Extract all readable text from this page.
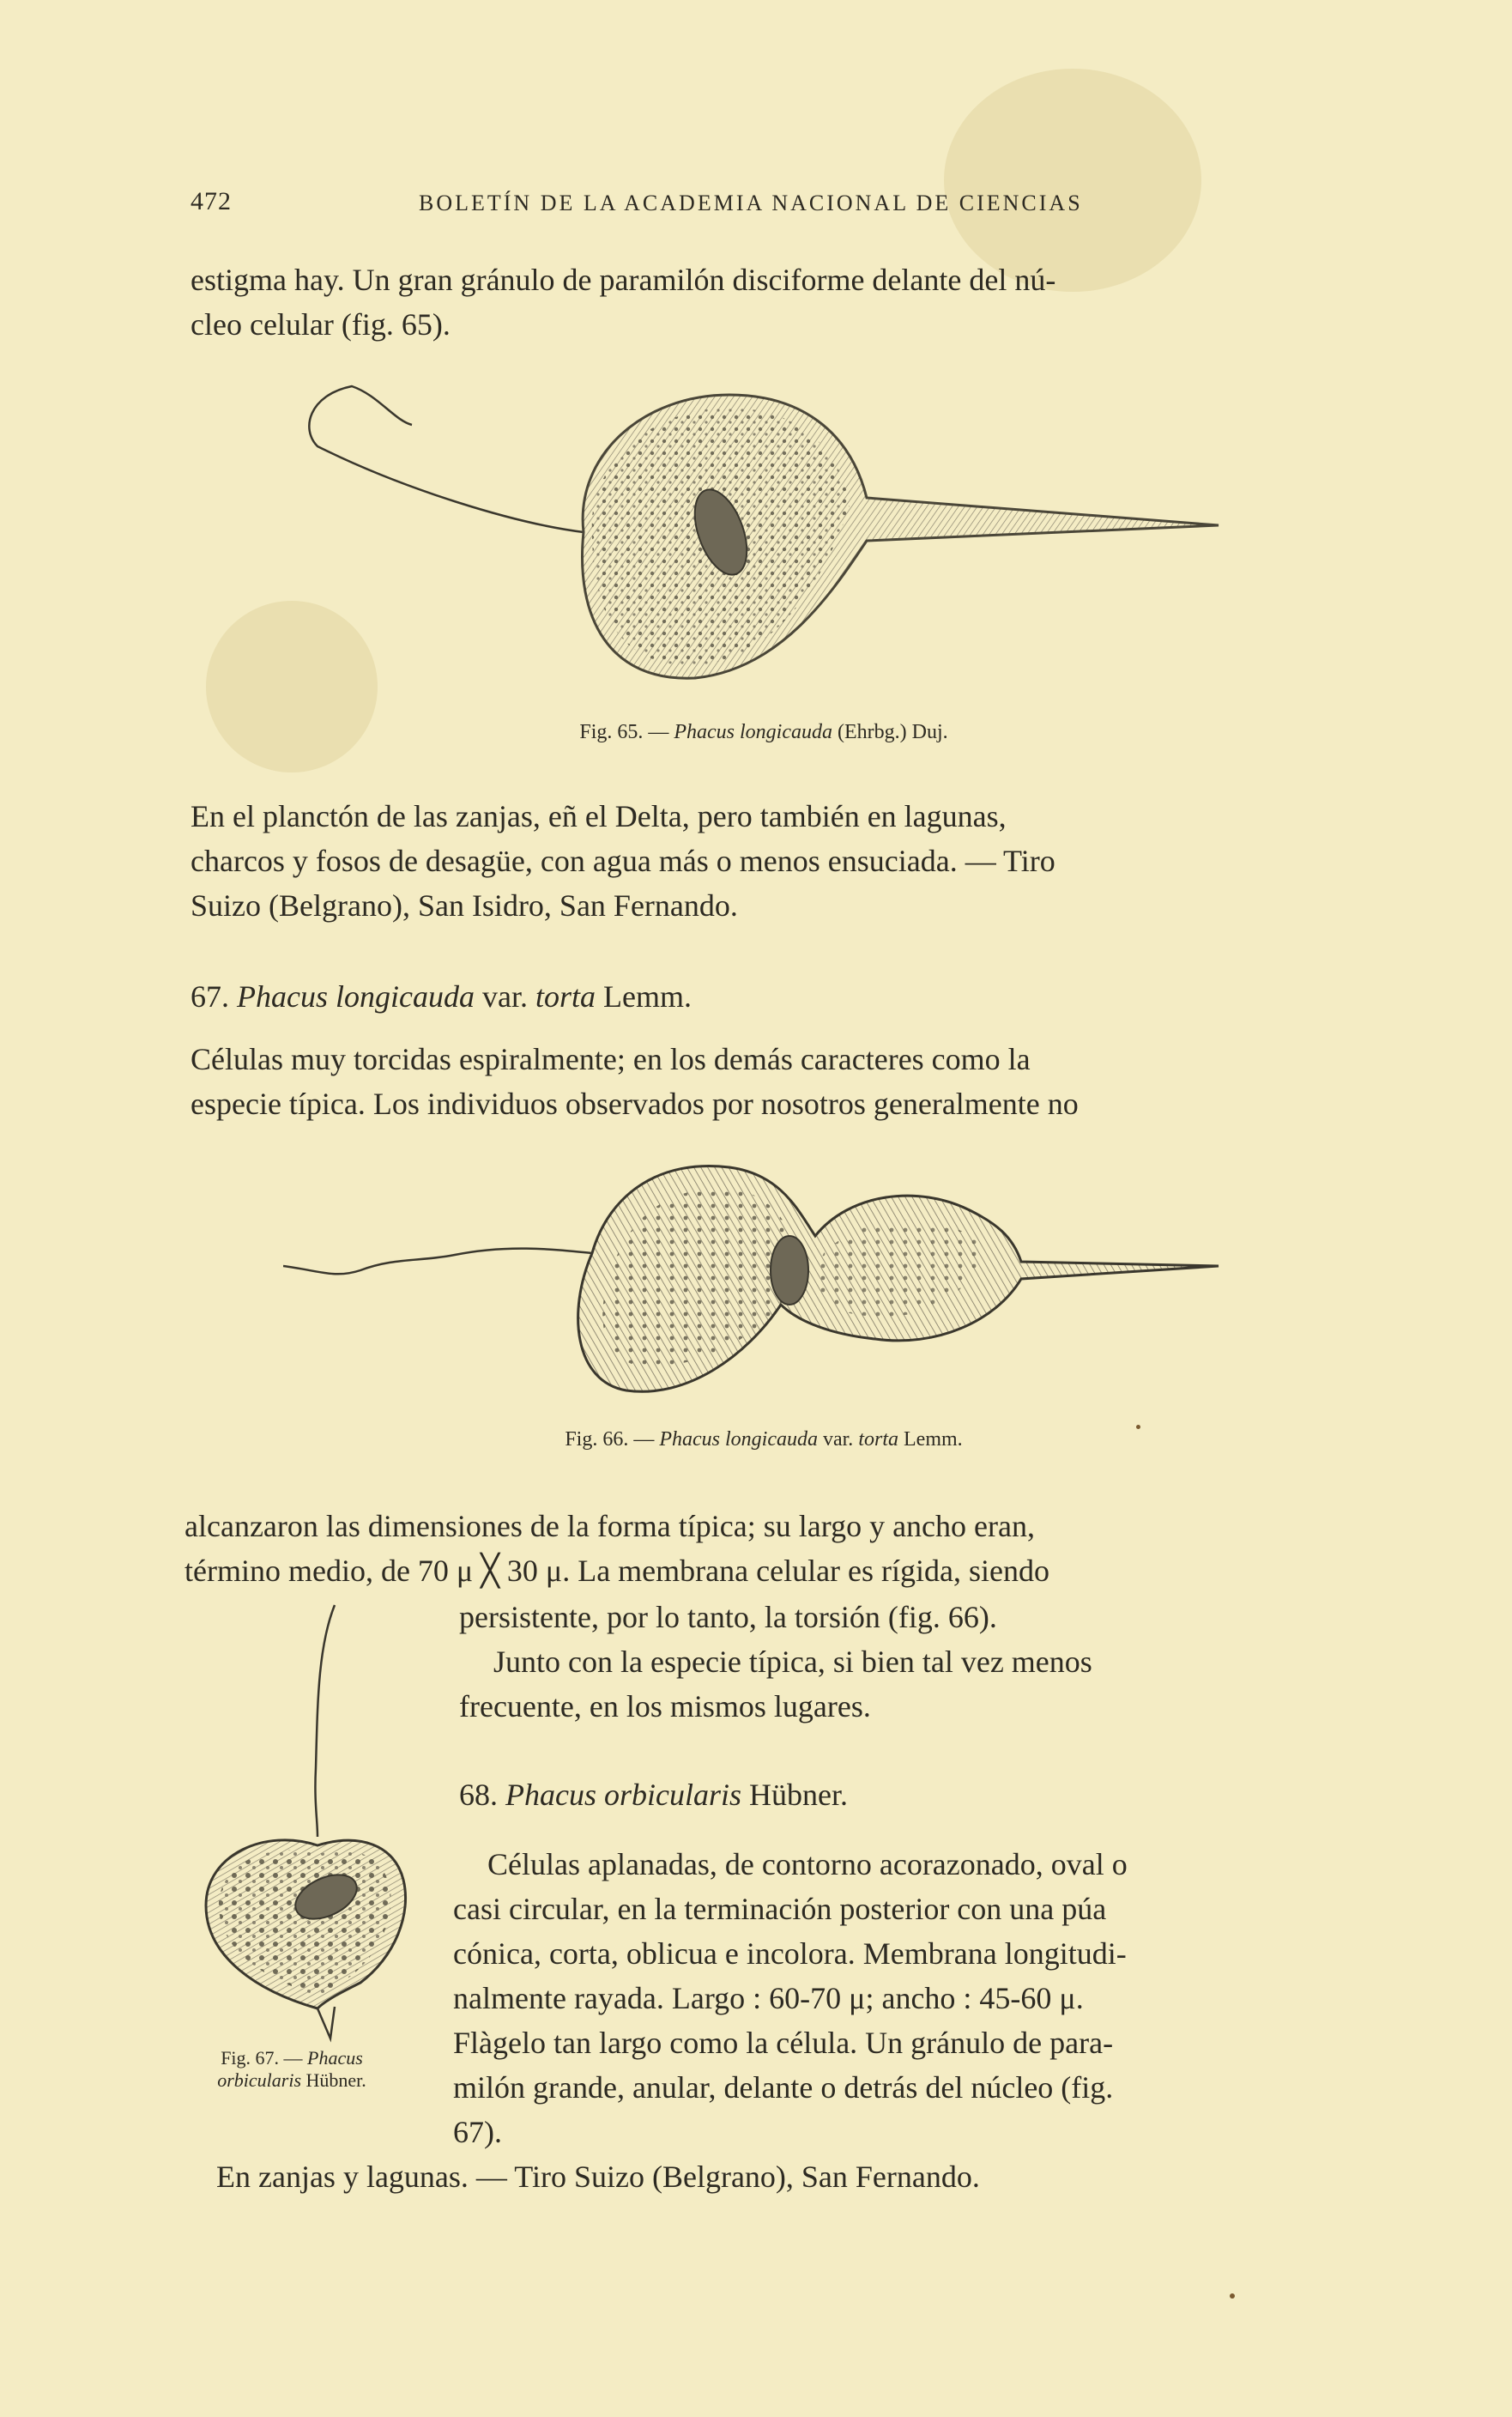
472	BOLETÍN DE LA ACADEMIA NACIONAL DE CIENCIAS
estigma hay. Un gran gránulo de paramilón disciforme delante del nú-
cleo celular (fig. 65).
Fig. 65. — Phacus longicauda (Ehrbg.) Duj.
En el planctón de las zanjas, eñ el Delta, pero también en lagunas,
charcos y fosos de desagüe, con agua más o menos ensuciada. — Tiro
Suizo (Belgrano), San Isidro, San Fernando.
67. Phacus longicauda var. torta Lemm.
Células muy torcidas espiralmente; en los demás caracteres como la
especie típica. Los individuos observados por nosotros generalmente no
Fig. 66. — Phacus longicauda var. torta Lemm.
alcanzaron las dimensiones de la forma típica; su largo y ancho eran,
término medio, de 70 μ ╳ 30 μ. La membrana celular es rígida, siendo
persistente, por lo tanto, la torsión (fig. 66).
Junto con la especie típica, si bien tal vez menos
frecuente, en los mismos lugares.
68. Phacus orbicularis Hübner.
Células aplanadas, de contorno acorazonado, oval o
casi circular, en la terminación posterior con una púa
cónica, corta, oblicua e incolora. Membrana longitudi-
nalmente rayada. Largo : 60-70 μ; ancho : 45-60 μ.
Flàgelo tan largo como la célula. Un gránulo de para-
milón grande, anular, delante o detrás del núcleo (fig.
67).
En zanjas y lagunas. — Tiro Suizo (Belgrano), San Fernando.
Fig. 67. — Phacus
orbicularis Hübner.
